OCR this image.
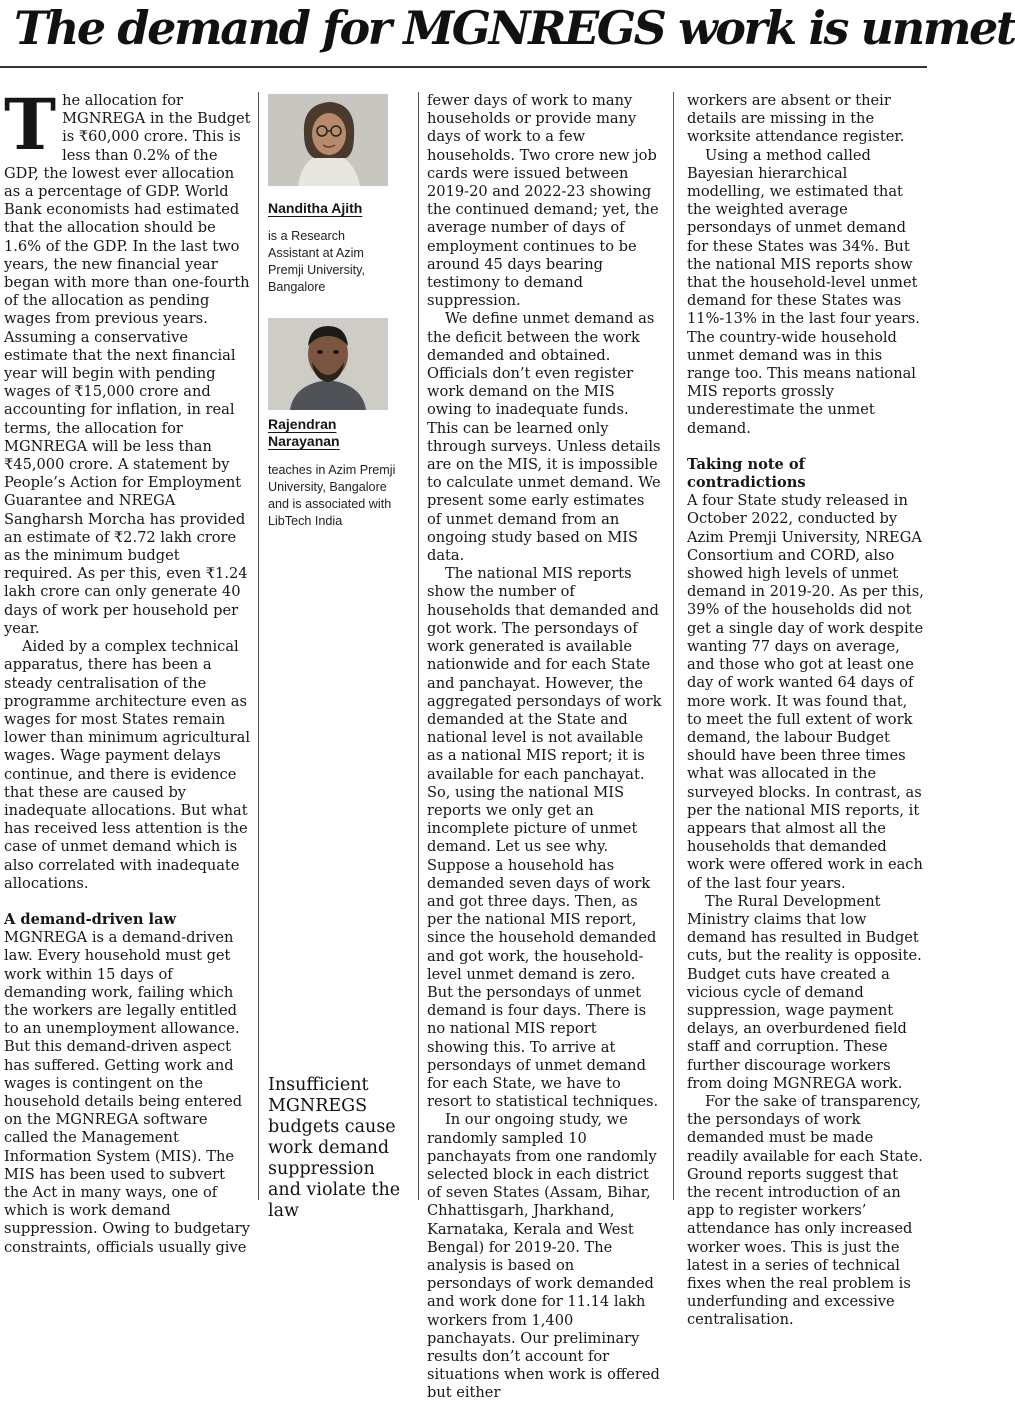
The demand for MGNREGS work is unmet

The allocation for MGNREGA in the Budget is ₹60,000 crore. This is less than 0.2% of the GDP, the lowest ever allocation as a percentage of GDP. World Bank economists had estimated that the allocation should be 1.6% of the GDP. In the last two years, the new financial year began with more than one-fourth of the allocation as pending wages from previous years. Assuming a conservative estimate that the next financial year will begin with pending wages of ₹15,000 crore and accounting for inflation, in real terms, the allocation for MGNREGA will be less than ₹45,000 crore. A statement by People’s Action for Employment Guarantee and NREGA Sangharsh Morcha has provided an estimate of ₹2.72 lakh crore as the minimum budget required. As per this, even ₹1.24 lakh crore can only generate 40 days of work per household per year.

Aided by a complex technical apparatus, there has been a steady centralisation of the programme architecture even as wages for most States remain lower than minimum agricultural wages. Wage payment delays continue, and there is evidence that these are caused by inadequate allocations. But what has received less attention is the case of unmet demand which is also correlated with inadequate allocations.

A demand-driven law

MGNREGA is a demand-driven law. Every household must get work within 15 days of demanding work, failing which the workers are legally entitled to an unemployment allowance. But this demand-driven aspect has suffered. Getting work and wages is contingent on the household details being entered on the MGNREGA software called the Management Information System (MIS). The MIS has been used to subvert the Act in many ways, one of which is work demand suppression. Owing to budgetary constraints, officials usually give

Nanditha Ajith
is a Research Assistant at Azim Premji University, Bangalore
Rajendran Narayanan
teaches in Azim Premji University, Bangalore and is associated with LibTech India
Insufficient MGNREGS budgets cause work demand suppression and violate the law

fewer days of work to many households or provide many days of work to a few households. Two crore new job cards were issued between 2019-20 and 2022-23 showing the continued demand; yet, the average number of days of employment continues to be around 45 days bearing testimony to demand suppression.

We define unmet demand as the deficit between the work demanded and obtained. Officials don’t even register work demand on the MIS owing to inadequate funds. This can be learned only through surveys. Unless details are on the MIS, it is impossible to calculate unmet demand. We present some early estimates of unmet demand from an ongoing study based on MIS data.

The national MIS reports show the number of households that demanded and got work. The persondays of work generated is available nationwide and for each State and panchayat. However, the aggregated persondays of work demanded at the State and national level is not available as a national MIS report; it is available for each panchayat. So, using the national MIS reports we only get an incomplete picture of unmet demand. Let us see why. Suppose a household has demanded seven days of work and got three days. Then, as per the national MIS report, since the household demanded and got work, the household-level unmet demand is zero. But the persondays of unmet demand is four days. There is no national MIS report showing this. To arrive at persondays of unmet demand for each State, we have to resort to statistical techniques.

In our ongoing study, we randomly sampled 10 panchayats from one randomly selected block in each district of seven States (Assam, Bihar, Chhattisgarh, Jharkhand, Karnataka, Kerala and West Bengal) for 2019-20. The analysis is based on persondays of work demanded and work done for 11.14 lakh workers from 1,400 panchayats. Our preliminary results don’t account for situations when work is offered but either

workers are absent or their details are missing in the worksite attendance register.

Using a method called Bayesian hierarchical modelling, we estimated that the weighted average persondays of unmet demand for these States was 34%. But the national MIS reports show that the household-level unmet demand for these States was 11%-13% in the last four years. The country-wide household unmet demand was in this range too. This means national MIS reports grossly underestimate the unmet demand.

Taking note of contradictions

A four State study released in October 2022, conducted by Azim Premji University, NREGA Consortium and CORD, also showed high levels of unmet demand in 2019-20. As per this, 39% of the households did not get a single day of work despite wanting 77 days on average, and those who got at least one day of work wanted 64 days of more work. It was found that, to meet the full extent of work demand, the labour Budget should have been three times what was allocated in the surveyed blocks. In contrast, as per the national MIS reports, it appears that almost all the households that demanded work were offered work in each of the last four years.

The Rural Development Ministry claims that low demand has resulted in Budget cuts, but the reality is opposite. Budget cuts have created a vicious cycle of demand suppression, wage payment delays, an overburdened field staff and corruption. These further discourage workers from doing MGNREGA work.

For the sake of transparency, the persondays of work demanded must be made readily available for each State. Ground reports suggest that the recent introduction of an app to register workers’ attendance has only increased worker woes. This is just the latest in a series of technical fixes when the real problem is underfunding and excessive centralisation.
